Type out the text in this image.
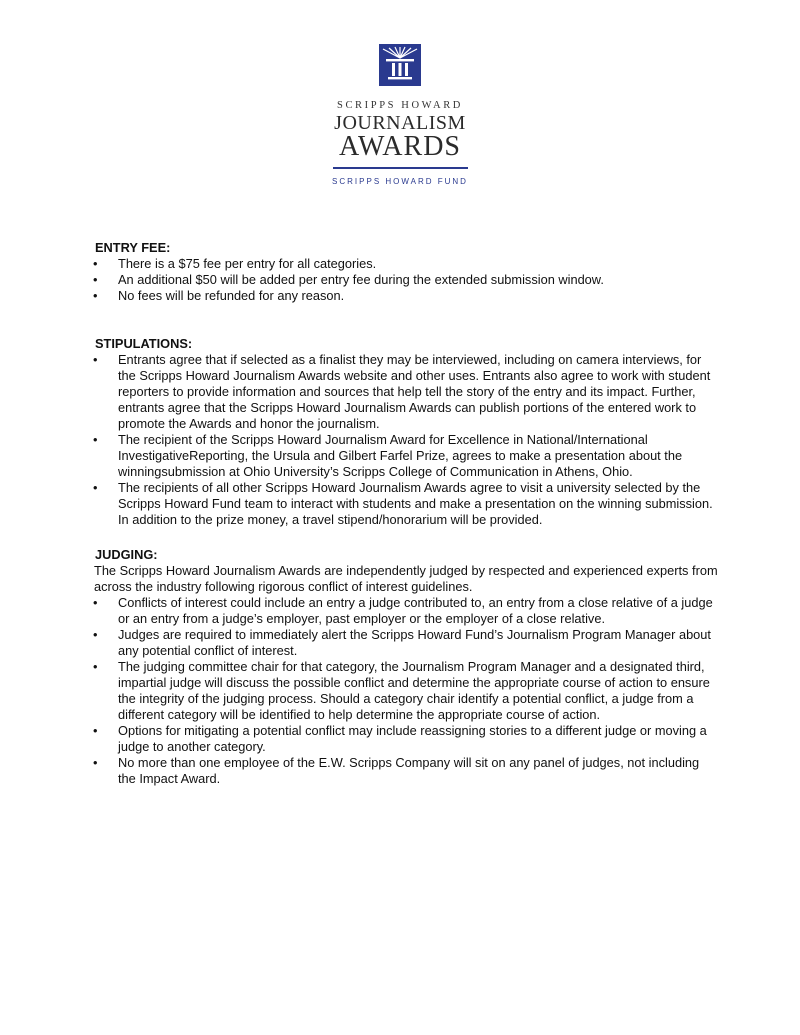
SCRIPPS HOWARD
JOURNALISM
AWARDS
SCRIPPS HOWARD FUND
ENTRY FEE:
• There is a $75 fee per entry for all categories.
• An additional $50 will be added per entry fee during the extended submission window.
• No fees will be refunded for any reason.
STIPULATIONS:
• Entrants agree that if selected as a finalist they may be interviewed, including on camera interviews, for the Scripps Howard Journalism Awards website and other uses. Entrants also agree to work with student reporters to provide information and sources that help tell the story of the entry and its impact. Further, entrants agree that the Scripps Howard Journalism Awards can publish portions of the entered work to promote the Awards and honor the journalism.
• The recipient of the Scripps Howard Journalism Award for Excellence in National/International InvestigativeReporting, the Ursula and Gilbert Farfel Prize, agrees to make a presentation about the winningsubmission at Ohio University’s Scripps College of Communication in Athens, Ohio.
• The recipients of all other Scripps Howard Journalism Awards agree to visit a university selected by the Scripps Howard Fund team to interact with students and make a presentation on the winning submission. In addition to the prize money, a travel stipend/honorarium will be provided.
JUDGING:
The Scripps Howard Journalism Awards are independently judged by respected and experienced experts from across the industry following rigorous conflict of interest guidelines.
• Conflicts of interest could include an entry a judge contributed to, an entry from a close relative of a judge or an entry from a judge’s employer, past employer or the employer of a close relative.
• Judges are required to immediately alert the Scripps Howard Fund’s Journalism Program Manager about any potential conflict of interest.
• The judging committee chair for that category, the Journalism Program Manager and a designated third, impartial judge will discuss the possible conflict and determine the appropriate course of action to ensure the integrity of the judging process. Should a category chair identify a potential conflict, a judge from a different category will be identified to help determine the appropriate course of action.
• Options for mitigating a potential conflict may include reassigning stories to a different judge or moving a judge to another category.
• No more than one employee of the E.W. Scripps Company will sit on any panel of judges, not including the Impact Award.
